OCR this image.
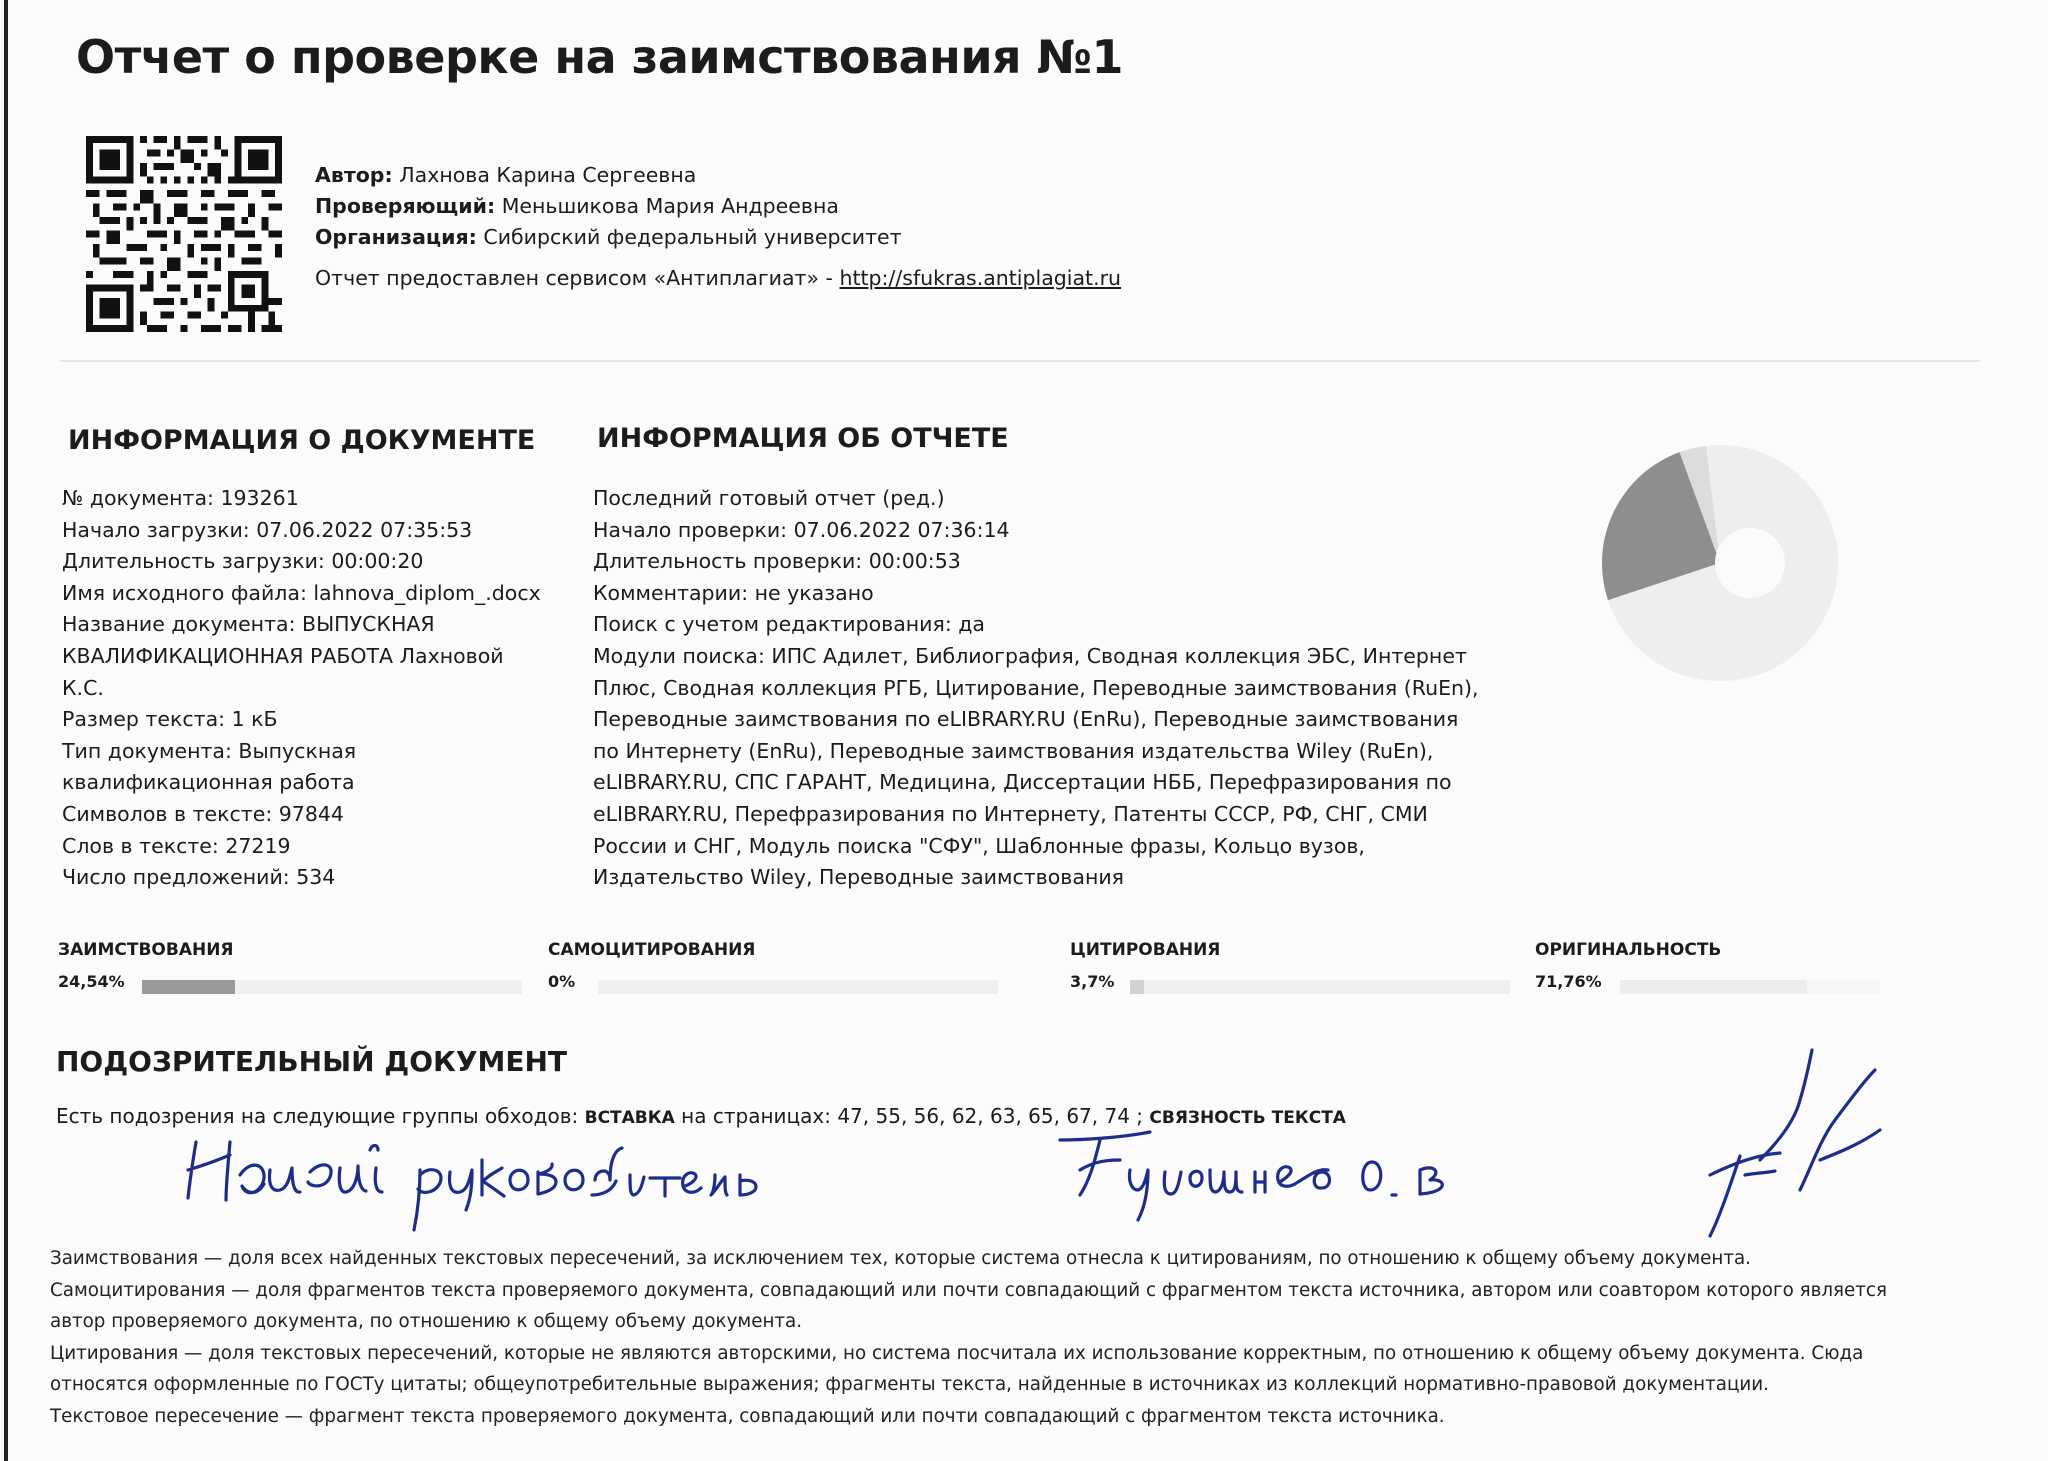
Отчет о проверке на заимствования №1
Автор: Лахнова Карина Сергеевна
Проверяющий: Меньшикова Мария Андреевна
Организация: Сибирский федеральный университет
Отчет предоставлен сервисом «Антиплагиат» - http://sfukras.antiplagiat.ru
ИНФОРМАЦИЯ О ДОКУМЕНТЕ ИНФОРМАЦИЯ ОБ ОТЧЕТЕ
№ документа: 193261
Начало загрузки: 07.06.2022 07:35:53
Длительность загрузки: 00:00:20
Имя исходного файла: lahnova_diplom_.docx
Название документа: ВЫПУСКНАЯ
КВАЛИФИКАЦИОННАЯ РАБОТА Лахновой
К.С.
Размер текста: 1 кБ
Тип документа: Выпускная
квалификационная работа
Символов в тексте: 97844
Слов в тексте: 27219
Число предложений: 534
Последний готовый отчет (ред.)
Начало проверки: 07.06.2022 07:36:14
Длительность проверки: 00:00:53
Комментарии: не указано
Поиск с учетом редактирования: да
Модули поиска: ИПС Адилет, Библиография, Сводная коллекция ЭБС, Интернет
Плюс, Сводная коллекция РГБ, Цитирование, Переводные заимствования (RuEn),
Переводные заимствования по eLIBRARY.RU (EnRu), Переводные заимствования
по Интернету (EnRu), Переводные заимствования издательства Wiley (RuEn),
eLIBRARY.RU, СПС ГАРАНТ, Медицина, Диссертации НББ, Перефразирования по
eLIBRARY.RU, Перефразирования по Интернету, Патенты СССР, РФ, СНГ, СМИ
России и СНГ, Модуль поиска "СФУ", Шаблонные фразы, Кольцо вузов,
Издательство Wiley, Переводные заимствования
ЗАИМСТВОВАНИЯ
24,54%
САМОЦИТИРОВАНИЯ
0%
ЦИТИРОВАНИЯ
3,7%
ОРИГИНАЛЬНОСТЬ
71,76%
ПОДОЗРИТЕЛЬНЫЙ ДОКУМЕНТ
Есть подозрения на следующие группы обходов: ВСТАВКА на страницах: 47, 55, 56, 62, 63, 65, 67, 74 ; СВЯЗНОСТЬ ТЕКСТА
Заимствования — доля всех найденных текстовых пересечений, за исключением тех, которые система отнесла к цитированиям, по отношению к общему объему документа.
Самоцитирования — доля фрагментов текста проверяемого документа, совпадающий или почти совпадающий с фрагментом текста источника, автором или соавтором которого является
автор проверяемого документа, по отношению к общему объему документа.
Цитирования — доля текстовых пересечений, которые не являются авторскими, но система посчитала их использование корректным, по отношению к общему объему документа. Сюда
относятся оформленные по ГОСТу цитаты; общеупотребительные выражения; фрагменты текста, найденные в источниках из коллекций нормативно-правовой документации.
Текстовое пересечение — фрагмент текста проверяемого документа, совпадающий или почти совпадающий с фрагментом текста источника.
